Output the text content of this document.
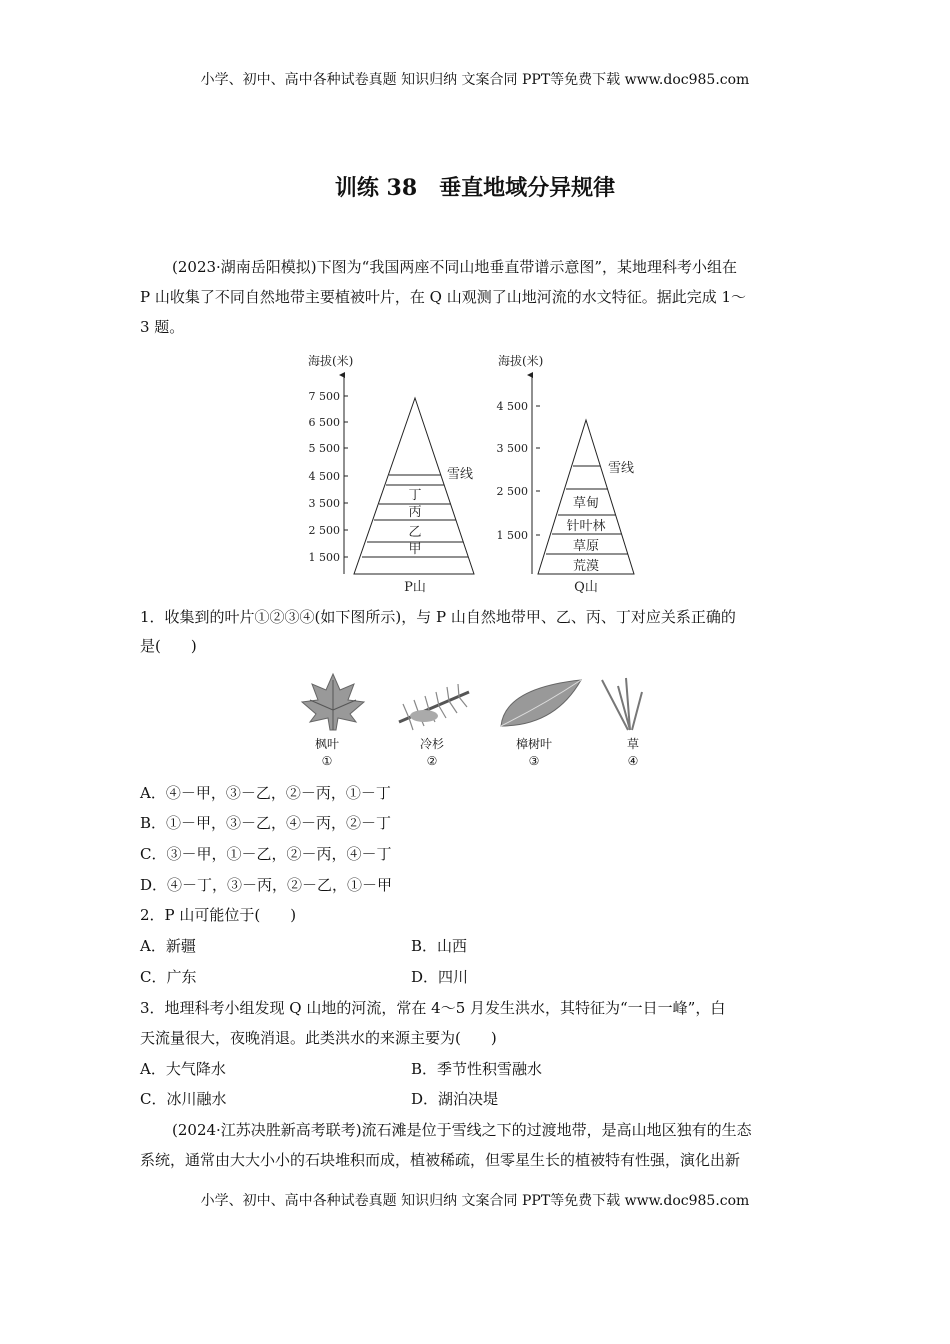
小学、初中、高中各种试卷真题 知识归纳 文案合同 PPT等免费下载 www.doc985.com
训练 38　垂直地域分异规律
(2023·湖南岳阳模拟)下图为“我国两座不同山地垂直带谱示意图”，某地理科考小组在
P 山收集了不同自然地带主要植被叶片，在 Q 山观测了山地河流的水文特征。据此完成 1～
3 题。
海拔(米)
7 500
6 500
5 500
4 500
3 500
2 500
1 500
丁
丙
乙
甲
雪线
P山
草甸
针叶林
草原
荒漠
雪线
Q山
海拔(米)
4 500
3 500
2 500
1 500
1．收集到的叶片①②③④(如下图所示)，与 P 山自然地带甲、乙、丙、丁对应关系正确的
是(　　)
枫叶
①
冷杉
②
樟树叶
③
草
④
A．④－甲，③－乙，②－丙，①－丁
B．①－甲，③－乙，④－丙，②－丁
C．③－甲，①－乙，②－丙，④－丁
D．④－丁，③－丙，②－乙，①－甲
2．P 山可能位于(　　)
A．新疆	B．山西
C．广东	D．四川
3．地理科考小组发现 Q 山地的河流，常在 4～5 月发生洪水，其特征为“一日一峰”，白
天流量很大，夜晚消退。此类洪水的来源主要为(　　)
A．大气降水	B．季节性积雪融水
C．冰川融水	D．湖泊决堤
(2024·江苏决胜新高考联考)流石滩是位于雪线之下的过渡地带，是高山地区独有的生态
系统，通常由大大小小的石块堆积而成，植被稀疏，但零星生长的植被特有性强，演化出新
小学、初中、高中各种试卷真题 知识归纳 文案合同 PPT等免费下载 www.doc985.com
